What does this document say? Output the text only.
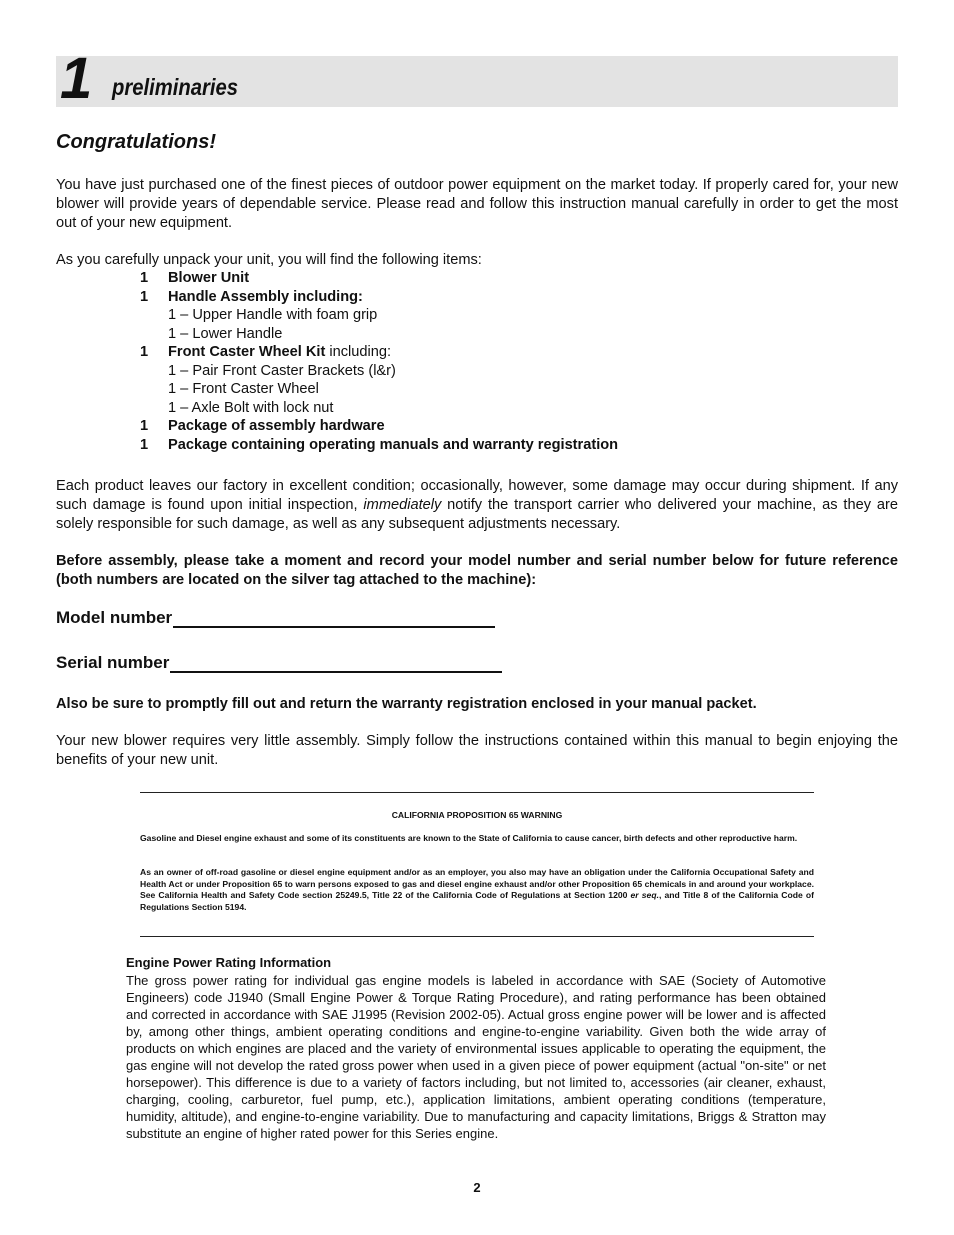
1 preliminaries
Congratulations!
You have just purchased one of the finest pieces of outdoor power equipment on the market today. If properly cared for, your new blower will provide years of dependable service. Please read and follow this instruction manual carefully in order to get the most out of your new equipment.
As you carefully unpack your unit, you will find the following items:
1	Blower Unit
1	Handle Assembly including:
1 – Upper Handle with foam grip
1 – Lower Handle
1	Front Caster Wheel Kit including:
1 – Pair Front Caster Brackets (l&r)
1 – Front Caster Wheel
1 – Axle Bolt with lock nut
1	Package of assembly hardware
1	Package containing operating manuals and warranty registration
Each product leaves our factory in excellent condition; occasionally, however, some damage may occur during shipment. If any such damage is found upon initial inspection, immediately notify the transport carrier who delivered your machine, as they are solely responsible for such damage, as well as any subsequent adjustments necessary.
Before assembly, please take a moment and record your model number and serial number below for future reference (both numbers are located on the silver tag attached to the machine):
Model number
Serial number
Also be sure to promptly fill out and return the warranty registration enclosed in your manual packet.
Your new blower requires very little assembly. Simply follow the instructions contained within this manual to begin enjoying the benefits of your new unit.
CALIFORNIA PROPOSITION 65 WARNING
Gasoline and Diesel engine exhaust and some of its constituents are known to the State of California to cause cancer, birth defects and other reproductive harm.
As an owner of off-road gasoline or diesel engine equipment and/or as an employer, you also may have an obligation under the California Occupational Safety and Health Act or under Proposition 65 to warn persons exposed to gas and diesel engine exhaust and/or other Proposition 65 chemicals in and around your workplace. See California Health and Safety Code section 25249.5, Title 22 of the California Code of Regulations at Section 1200 er seq., and Title 8 of the California Code of Regulations Section 5194.
Engine Power Rating Information
The gross power rating for individual gas engine models is labeled in accordance with SAE (Society of Automotive Engineers) code J1940 (Small Engine Power & Torque Rating Procedure), and rating performance has been obtained and corrected in accordance with SAE J1995 (Revision 2002-05). Actual gross engine power will be lower and is affected by, among other things, ambient operating conditions and engine-to-engine variability. Given both the wide array of products on which engines are placed and the variety of environmental issues applicable to operating the equipment, the gas engine will not develop the rated gross power when used in a given piece of power equipment (actual "on-site" or net horsepower). This difference is due to a variety of factors including, but not limited to, accessories (air cleaner, exhaust, charging, cooling, carburetor, fuel pump, etc.), application limitations, ambient operating conditions (temperature, humidity, altitude), and engine-to-engine variability. Due to manufacturing and capacity limitations, Briggs & Stratton may substitute an engine of higher rated power for this Series engine.
2
